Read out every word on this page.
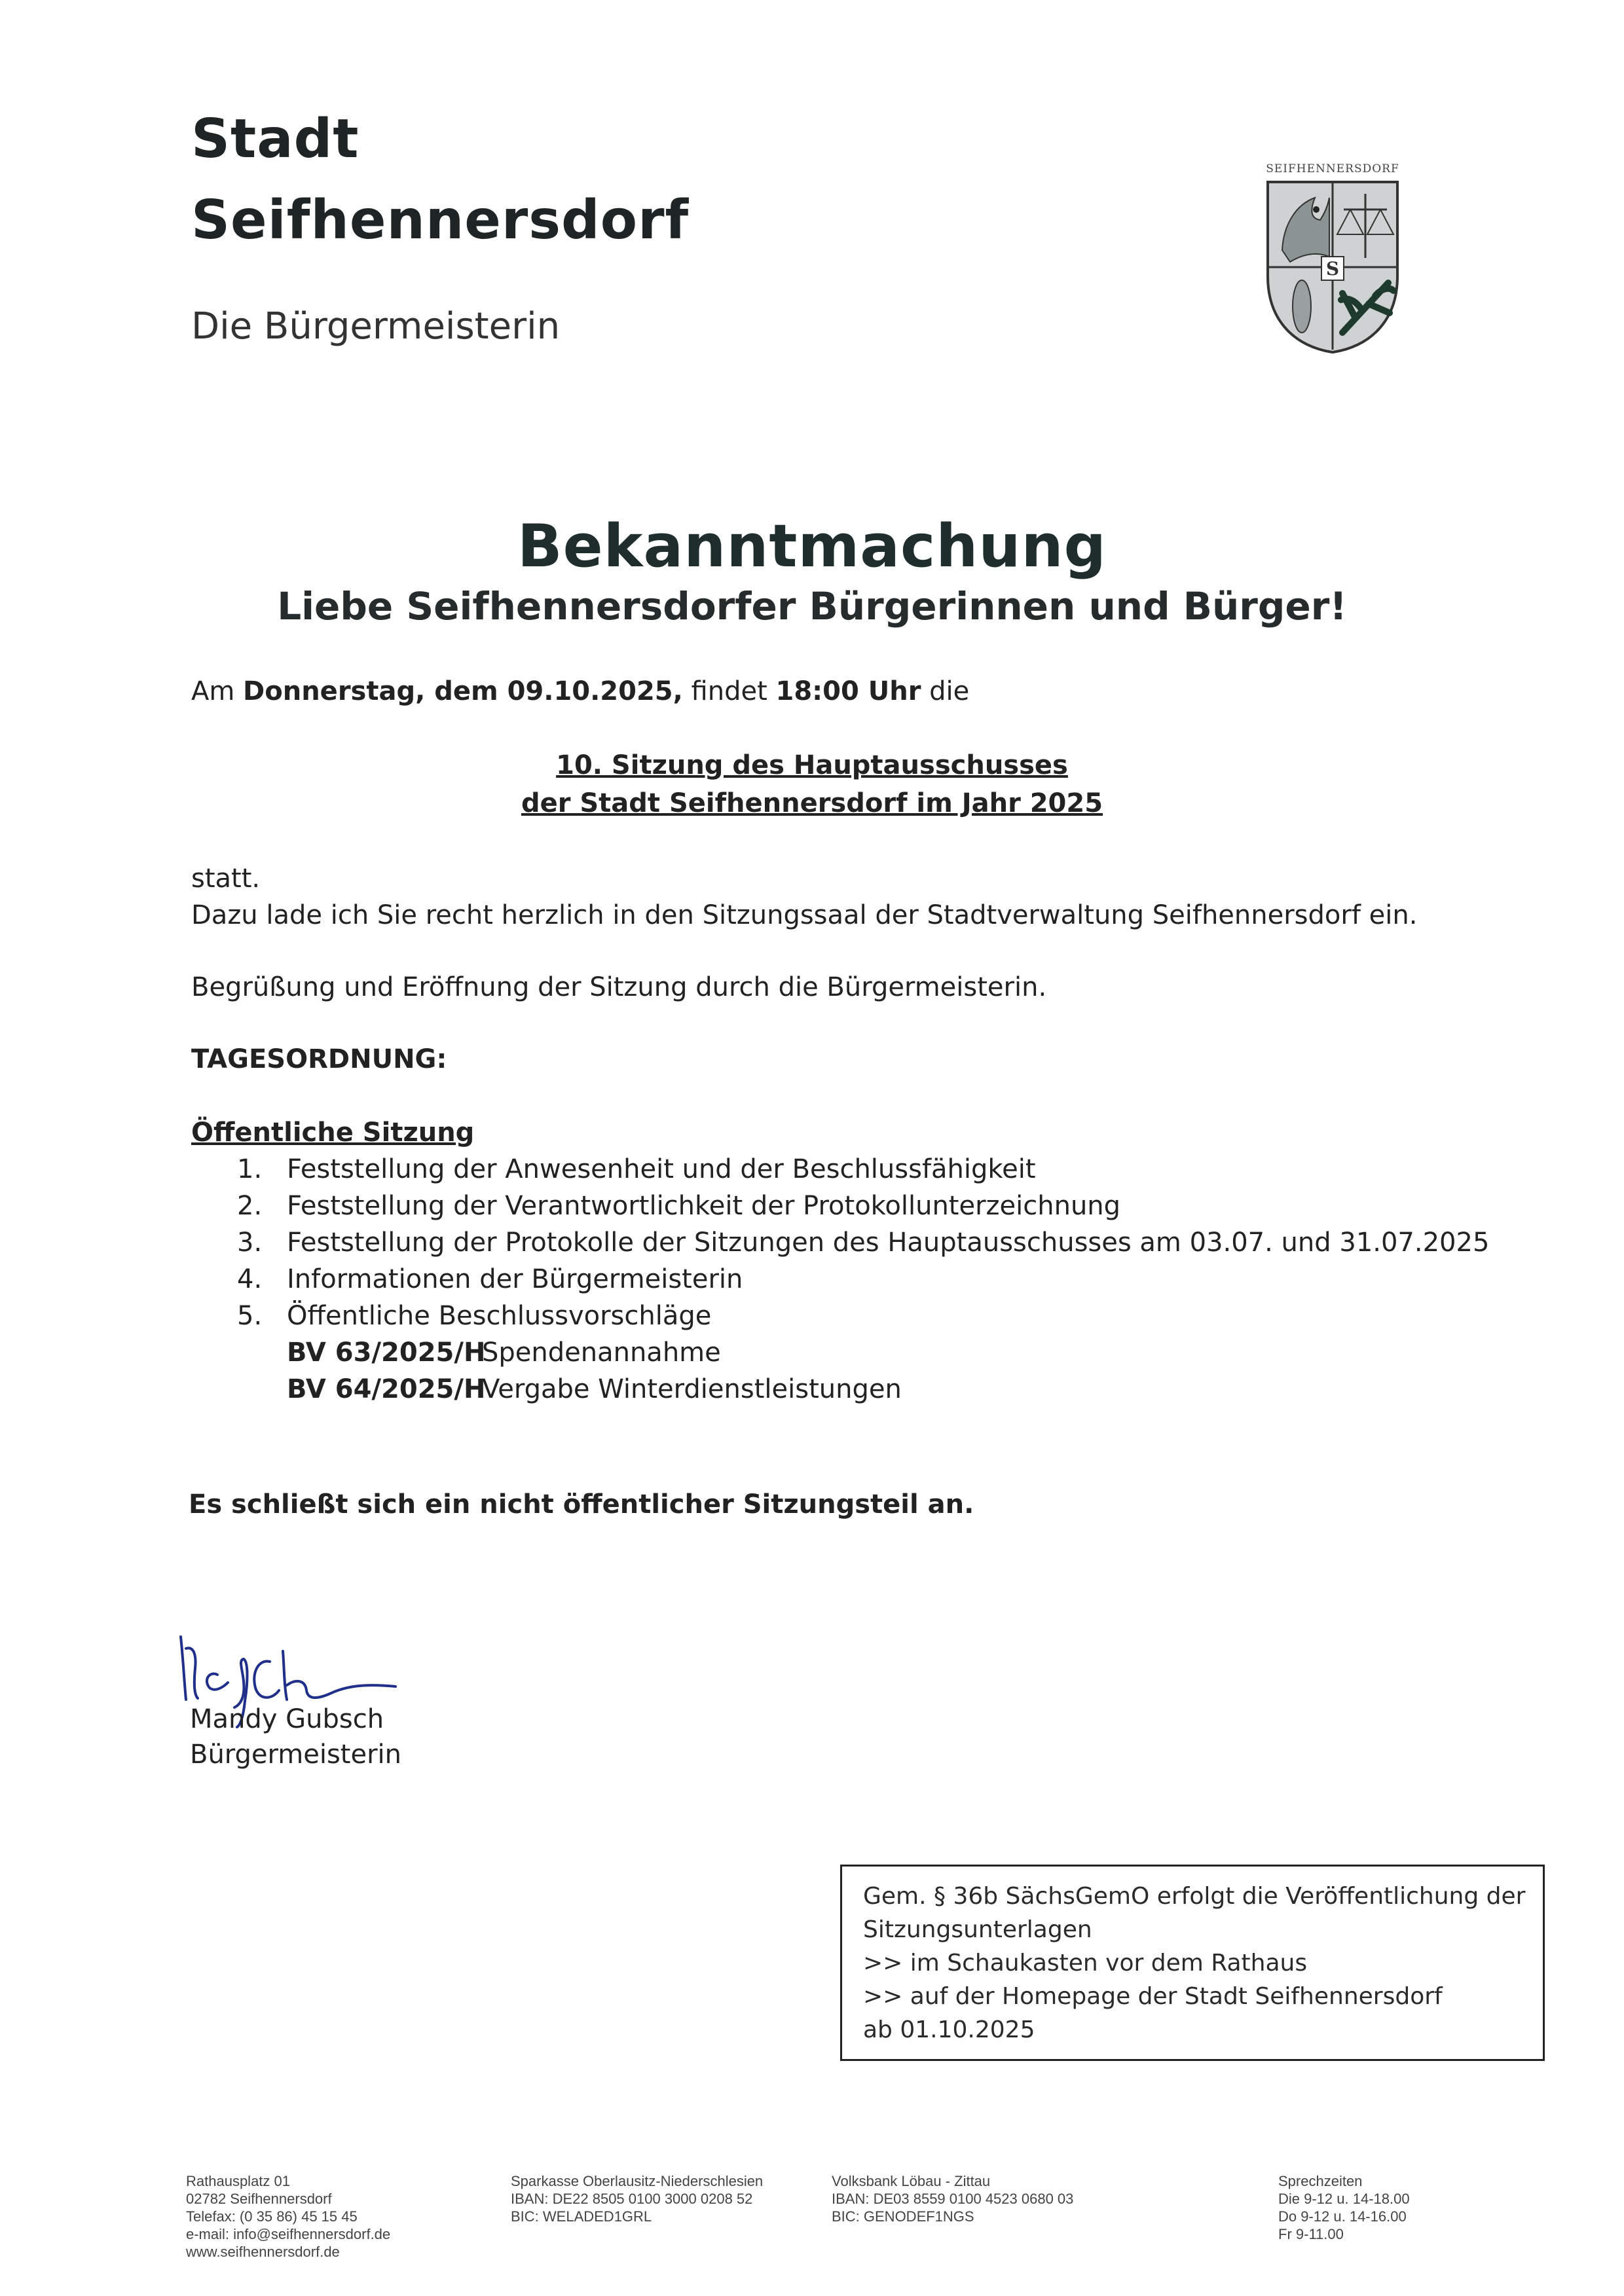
Stadt
Seifhennersdorf
Die Bürgermeisterin
SEIFHENNERSDORF
S
Bekanntmachung
Liebe Seifhennersdorfer Bürgerinnen und Bürger!
Am Donnerstag, dem 09.10.2025, findet 18:00 Uhr die
10. Sitzung des Hauptausschusses
der Stadt Seifhennersdorf im Jahr 2025
statt.
Dazu lade ich Sie recht herzlich in den Sitzungssaal der Stadtverwaltung Seifhennersdorf ein.
Begrüßung und Eröffnung der Sitzung durch die Bürgermeisterin.
TAGESORDNUNG:
Öffentliche Sitzung
1. Feststellung der Anwesenheit und der Beschlussfähigkeit
2. Feststellung der Verantwortlichkeit der Protokollunterzeichnung
3. Feststellung der Protokolle der Sitzungen des Hauptausschusses am 03.07. und 31.07.2025
4. Informationen der Bürgermeisterin
5. Öffentliche Beschlussvorschläge
BV 63/2025/H
Spendenannahme
BV 64/2025/H
Vergabe Winterdienstleistungen
Es schließt sich ein nicht öffentlicher Sitzungsteil an.
Mandy Gubsch
Bürgermeisterin
Gem. § 36b SächsGemO erfolgt die Veröffentlichung der
Sitzungsunterlagen
>> im Schaukasten vor dem Rathaus
>> auf der Homepage der Stadt Seifhennersdorf
ab 01.10.2025
Rathausplatz 01
02782 Seifhennersdorf
Telefax: (0 35 86) 45 15 45
e-mail: info@seifhennersdorf.de
www.seifhennersdorf.de
Sparkasse Oberlausitz-Niederschlesien
IBAN: DE22 8505 0100 3000 0208 52
BIC: WELADED1GRL
Volksbank Löbau - Zittau
IBAN: DE03 8559 0100 4523 0680 03
BIC: GENODEF1NGS
Sprechzeiten
Die 9-12 u. 14-18.00
Do 9-12 u. 14-16.00
Fr 9-11.00
